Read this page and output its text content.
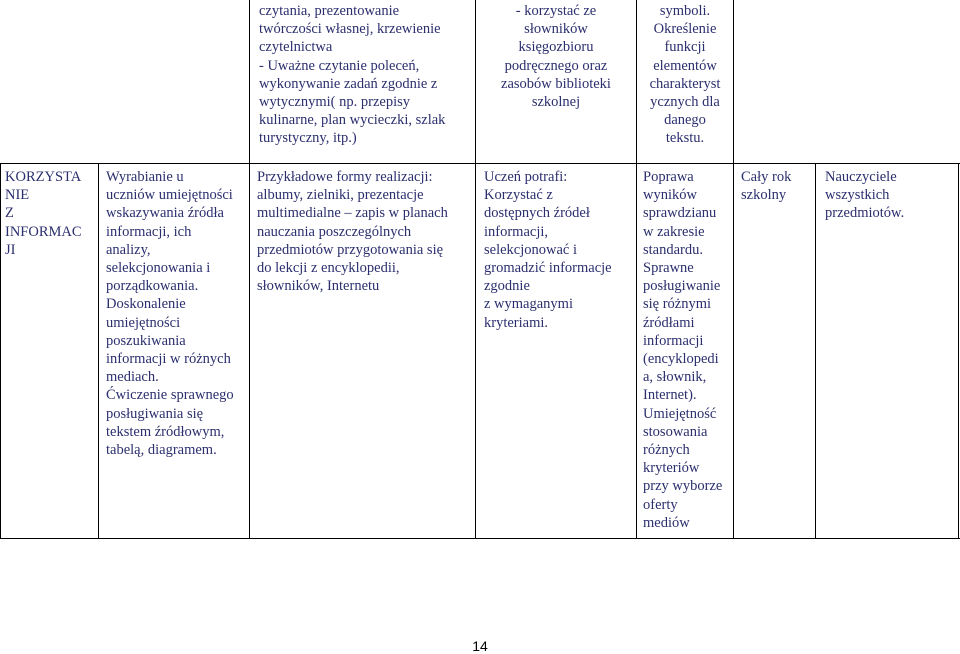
czytania, prezentowanie
twórczości własnej, krzewienie
czytelnictwa
- Uważne czytanie poleceń,
wykonywanie zadań zgodnie z
wytycznymi( np. przepisy
kulinarne, plan wycieczki, szlak
turystyczny, itp.)
- korzystać ze
słowników
księgozbioru
podręcznego oraz
zasobów biblioteki
szkolnej
symboli.
Określenie
funkcji
elementów
charakteryst
ycznych dla
danego
tekstu.
KORZYSTA
NIE
Z
INFORMAC
JI
Wyrabianie u
uczniów umiejętności
wskazywania źródła
informacji, ich
analizy,
selekcjonowania i
porządkowania.
Doskonalenie
umiejętności
poszukiwania
informacji w różnych
mediach.
Ćwiczenie sprawnego
posługiwania się
tekstem źródłowym,
tabelą, diagramem.
Przykładowe formy realizacji:
albumy, zielniki, prezentacje
multimedialne – zapis w planach
nauczania poszczególnych
przedmiotów przygotowania się
do lekcji z encyklopedii,
słowników, Internetu
Uczeń potrafi:
Korzystać z
dostępnych źródeł
informacji,
selekcjonować i
gromadzić informacje
zgodnie
z wymaganymi
kryteriami.
Poprawa
wyników
sprawdzianu
w zakresie
standardu.
Sprawne
posługiwanie
się różnymi
źródłami
informacji
(encyklopedi
a, słownik,
Internet).
Umiejętność
stosowania
różnych
kryteriów
przy wyborze
oferty
mediów
Cały rok
szkolny
Nauczyciele
wszystkich
przedmiotów.
14
